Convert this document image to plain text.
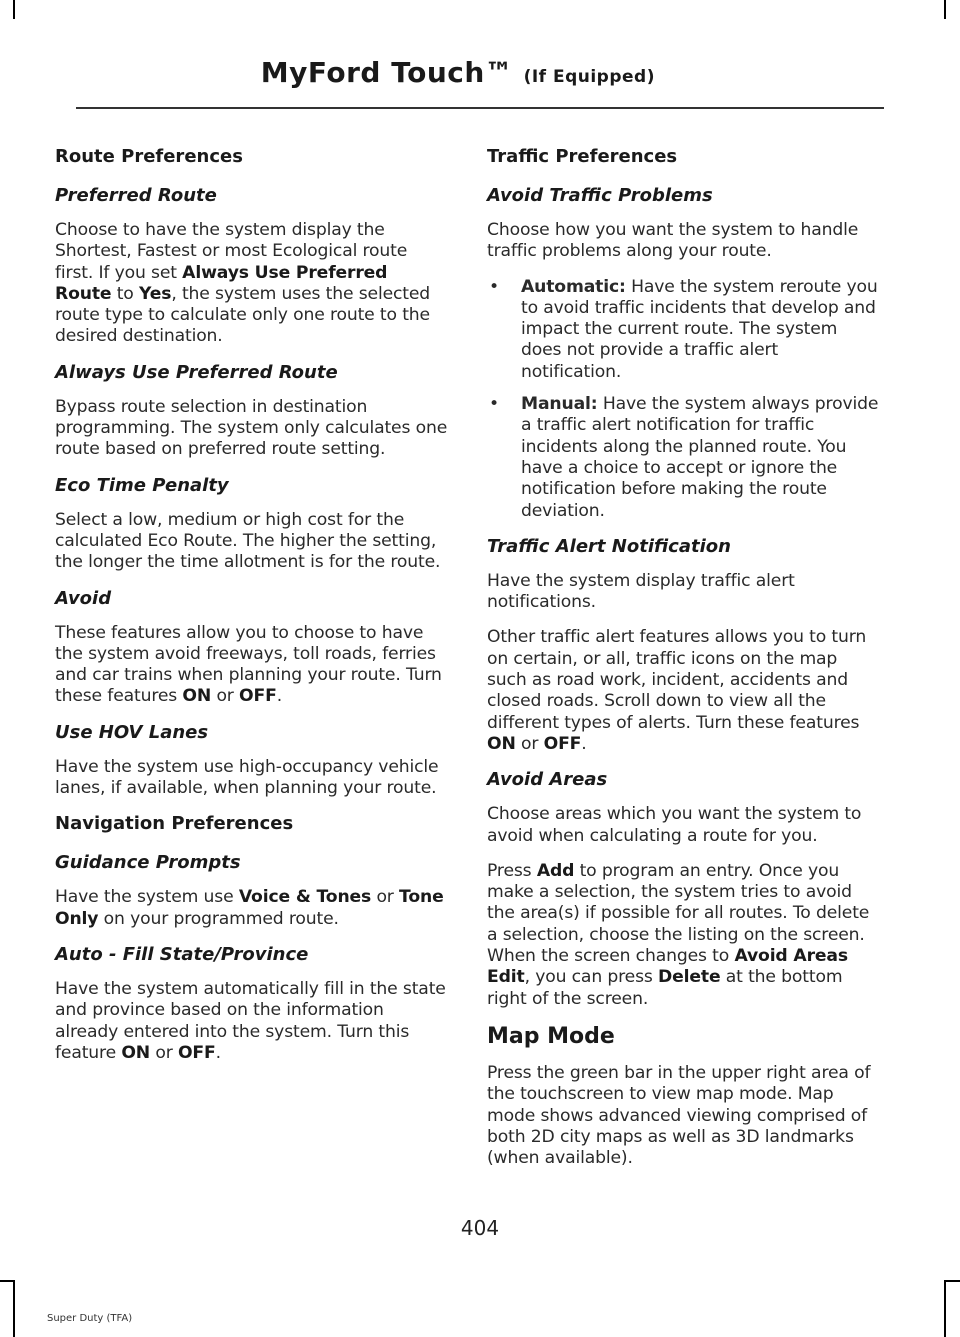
MyFord Touch™ (If Equipped)
Route Preferences
Preferred Route

Choose to have the system display the Shortest, Fastest or most Ecological route first. If you set Always Use Preferred Route to Yes, the system uses the selected route type to calculate only one route to the desired destination.

Always Use Preferred Route

Bypass route selection in destination programming. The system only calculates one route based on preferred route setting.

Eco Time Penalty

Select a low, medium or high cost for the calculated Eco Route. The higher the setting, the longer the time allotment is for the route.

Avoid

These features allow you to choose to have the system avoid freeways, toll roads, ferries and car trains when planning your route. Turn these features ON or OFF.

Use HOV Lanes

Have the system use high-occupancy vehicle lanes, if available, when planning your route.

Navigation Preferences
Guidance Prompts

Have the system use Voice & Tones or Tone Only on your programmed route.

Auto - Fill State/Province

Have the system automatically fill in the state and province based on the information already entered into the system. Turn this feature ON or OFF.

Traffic Preferences
Avoid Traffic Problems

Choose how you want the system to handle traffic problems along your route.

• Automatic: Have the system reroute you to avoid traffic incidents that develop and impact the current route. The system does not provide a traffic alert notification.
• Manual: Have the system always provide a traffic alert notification for traffic incidents along the planned route. You have a choice to accept or ignore the notification before making the route deviation.
Traffic Alert Notification

Have the system display traffic alert notifications.

Other traffic alert features allows you to turn on certain, or all, traffic icons on the map such as road work, incident, accidents and closed roads. Scroll down to view all the different types of alerts. Turn these features ON or OFF.

Avoid Areas

Choose areas which you want the system to avoid when calculating a route for you.

Press Add to program an entry. Once you make a selection, the system tries to avoid the area(s) if possible for all routes. To delete a selection, choose the listing on the screen. When the screen changes to Avoid Areas Edit, you can press Delete at the bottom right of the screen.

Map Mode

Press the green bar in the upper right area of the touchscreen to view map mode. Map mode shows advanced viewing comprised of both 2D city maps as well as 3D landmarks (when available).

404
Super Duty (TFA)
